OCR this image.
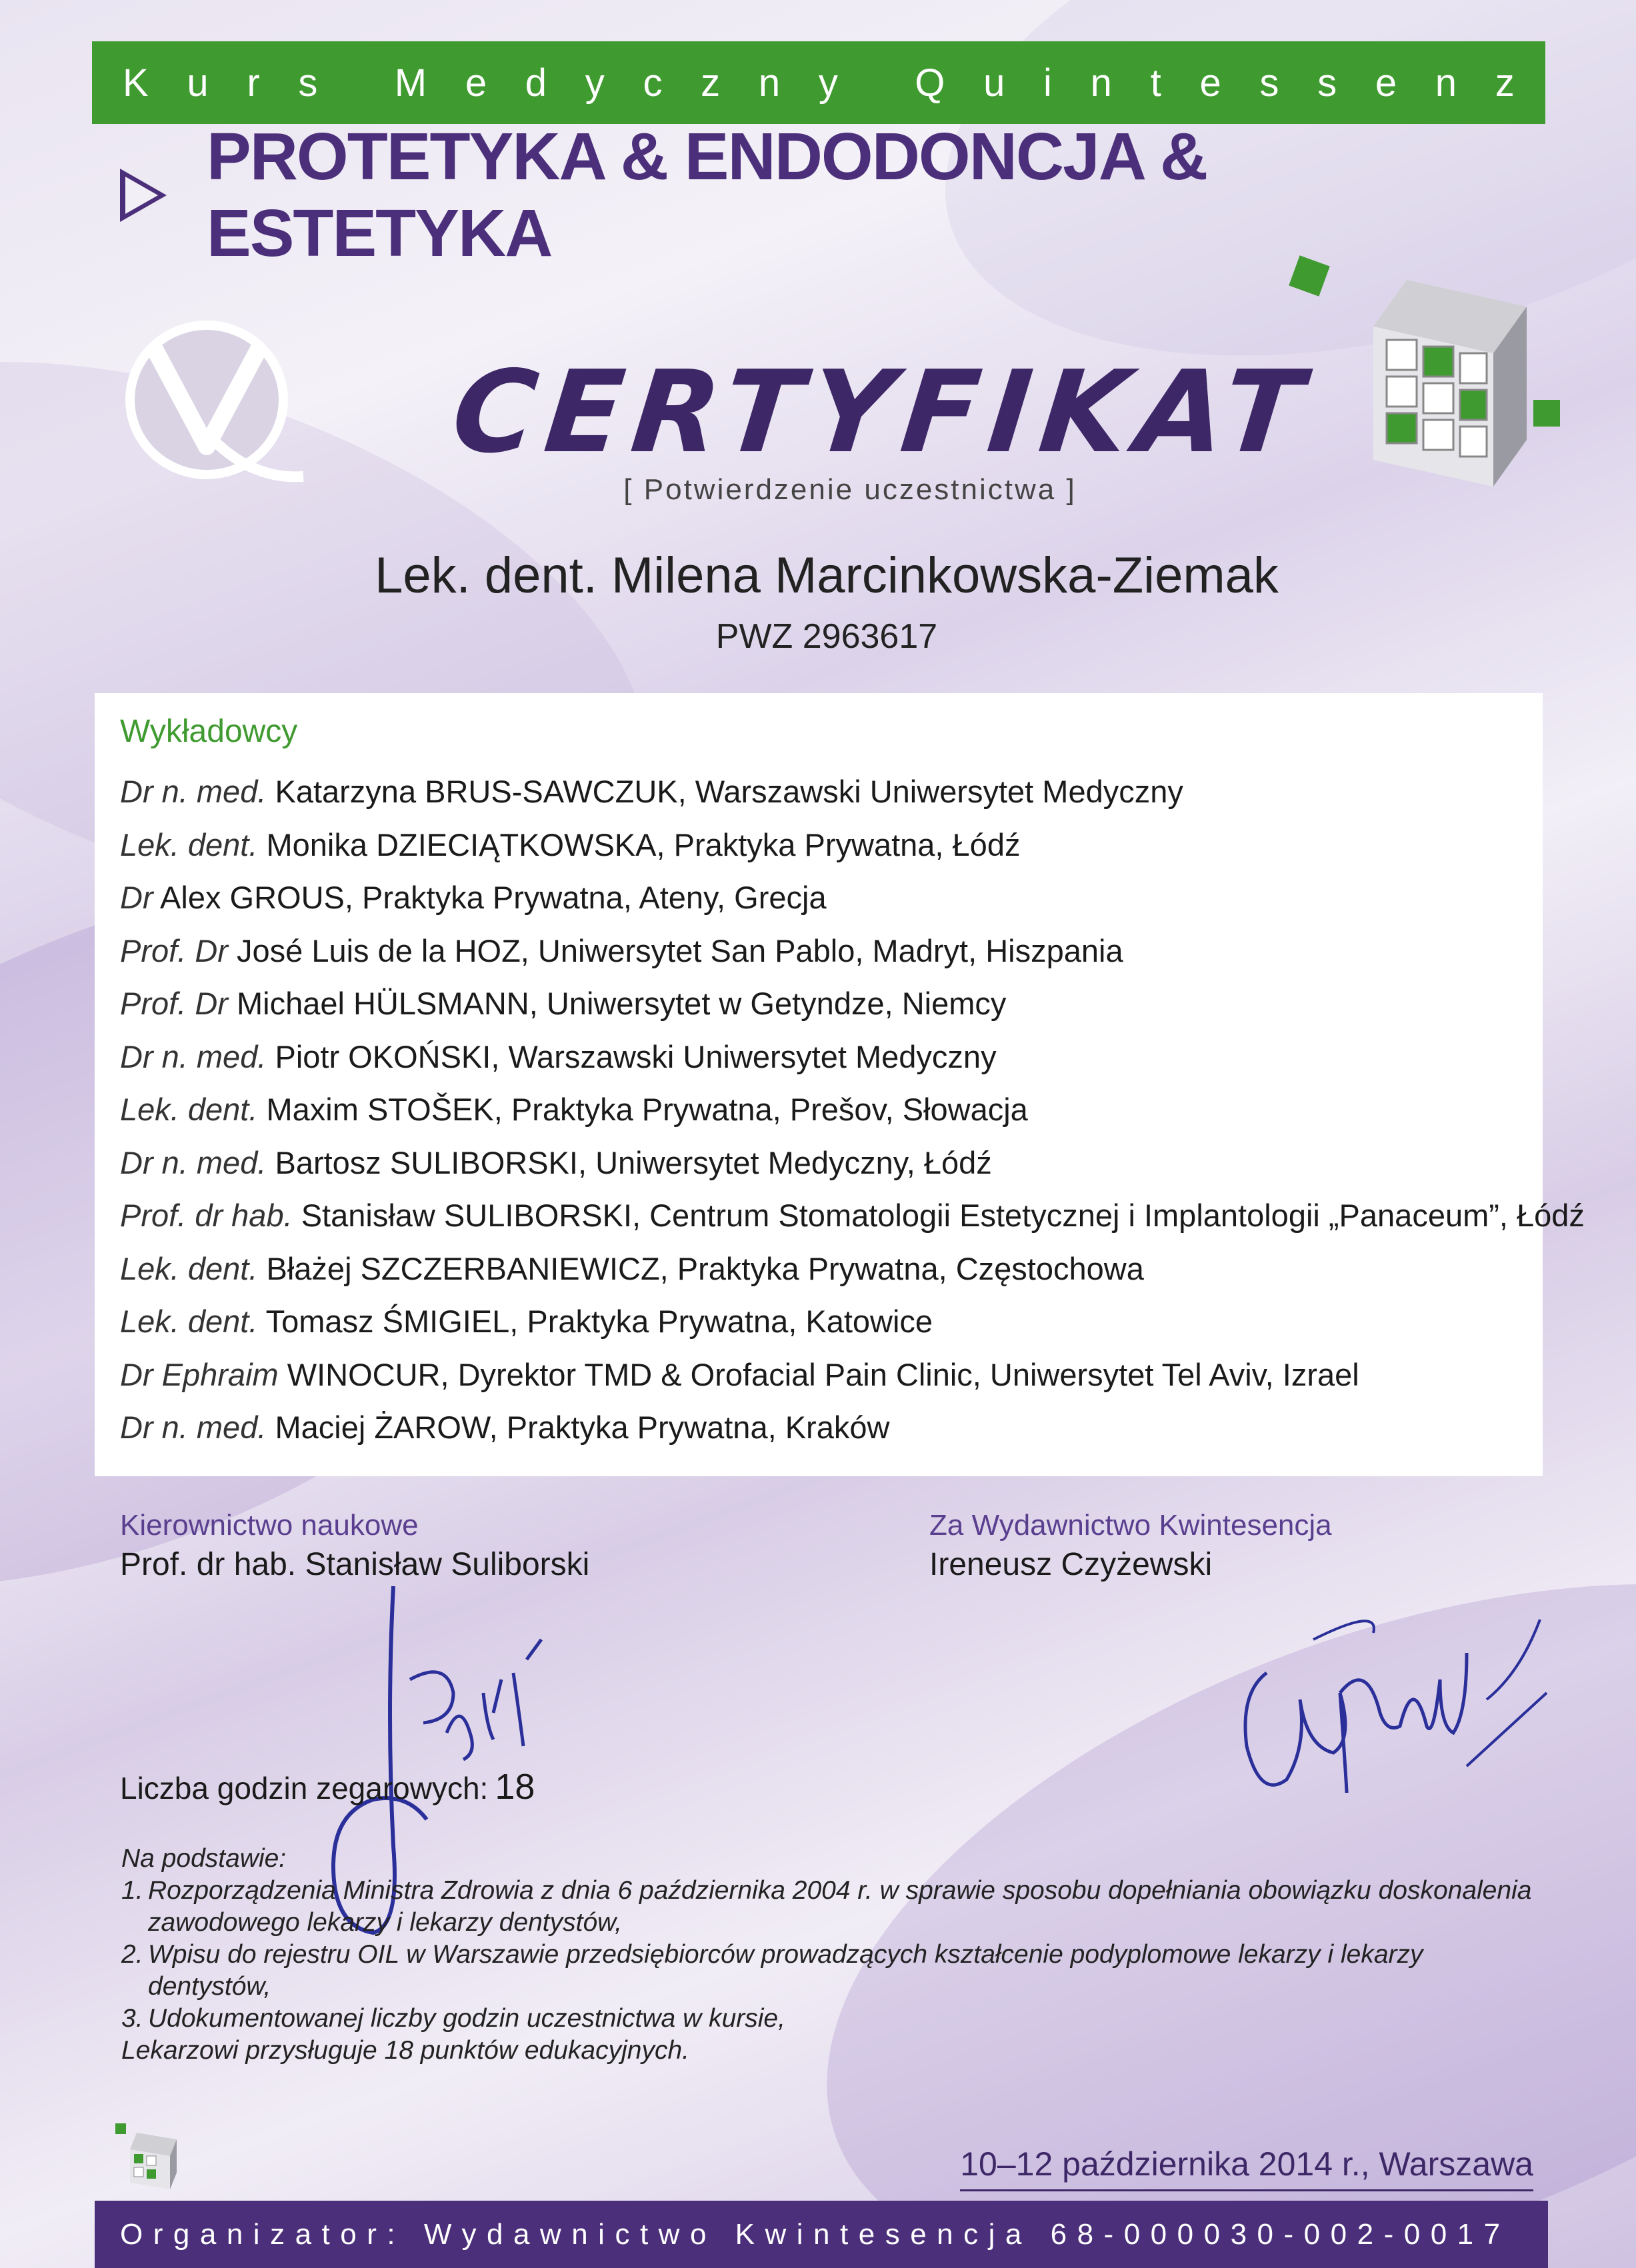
K u r s M e d y c z n y Q u i n t e s s e n z
PROTETYKA & ENDODONCJA & ESTETYKA
CERTYFIKAT
[ Potwierdzenie uczestnictwa ]
Lek. dent. Milena Marcinkowska-Ziemak
PWZ 2963617
Wykładowcy
Dr n. med. Katarzyna BRUS-SAWCZUK, Warszawski Uniwersytet Medyczny
Lek. dent. Monika DZIECIĄTKOWSKA, Praktyka Prywatna, Łódź
Dr Alex GROUS, Praktyka Prywatna, Ateny, Grecja
Prof. Dr José Luis de la HOZ, Uniwersytet San Pablo, Madryt, Hiszpania
Prof. Dr Michael HÜLSMANN, Uniwersytet w Getyndze, Niemcy
Dr n. med. Piotr OKOŃSKI, Warszawski Uniwersytet Medyczny
Lek. dent. Maxim STOŠEK, Praktyka Prywatna, Prešov, Słowacja
Dr n. med. Bartosz SULIBORSKI, Uniwersytet Medyczny, Łódź
Prof. dr hab. Stanisław SULIBORSKI, Centrum Stomatologii Estetycznej i Implantologii „Panaceum”, Łódź
Lek. dent. Błażej SZCZERBANIEWICZ, Praktyka Prywatna, Częstochowa
Lek. dent. Tomasz ŚMIGIEL, Praktyka Prywatna, Katowice
Dr Ephraim WINOCUR, Dyrektor TMD & Orofacial Pain Clinic, Uniwersytet Tel Aviv, Izrael
Dr n. med. Maciej ŻAROW, Praktyka Prywatna, Kraków
Kierownictwo naukowe
Prof. dr hab. Stanisław Suliborski
Za Wydawnictwo Kwintesencja
Ireneusz Czyżewski
Liczba godzin zegarowych: 18
Na podstawie:
1. Rozporządzenia Ministra Zdrowia z dnia 6 października 2004 r. w sprawie sposobu dopełniania obowiązku doskonalenia zawodowego lekarzy i lekarzy dentystów,
2. Wpisu do rejestru OIL w Warszawie przedsiębiorców prowadzących kształcenie podyplomowe lekarzy i lekarzy dentystów,
3. Udokumentowanej liczby godzin uczestnictwa w kursie,
Lekarzowi przysługuje 18 punktów edukacyjnych.
10–12 października 2014 r., Warszawa
Organizator: Wydawnictwo Kwintesencja 68-000030-002-0017
